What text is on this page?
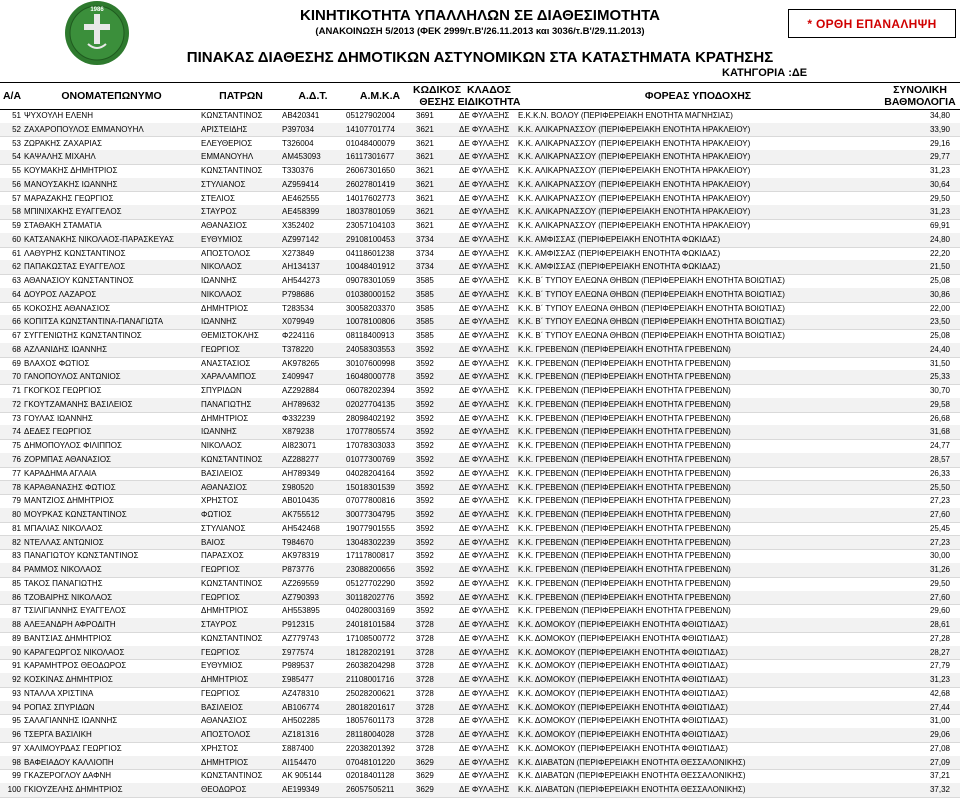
1986	ΚΙΝΗΤΙΚΟΤΗΤΑ ΥΠΑΛΛΗΛΩΝ ΣΕ ΔΙΑΘΕΣΙΜΟΤΗΤΑ
(ΑΝΑΚΟΙΝΩΣΗ 5/2013 (ΦΕΚ 2999/τ.Β'/26.11.2013 και 3036/τ.Β'/29.11.2013)
ΠΙΝΑΚΑΣ ΔΙΑΘΕΣΗΣ ΔΗΜΟΤΙΚΩΝ ΑΣΤΥΝΟΜΙΚΩΝ ΣΤΑ ΚΑΤΑΣΤΗΜΑΤΑ ΚΡΑΤΗΣΗΣ
* ΟΡΘΗ ΕΠΑΝΑΛΗΨΗ
ΚΑΤΗΓΟΡΙΑ :ΔΕ
Α/Α	ΟΝΟΜΑΤΕΠΩΝΥΜΟ	ΠΑΤΡΩΝ	Α.Δ.Τ.	Α.Μ.Κ.Α	ΚΩΔΙΚΟΣ
ΘΕΣΗΣ
ΚΛΑΔΟΣ
ΕΙΔΙΚΟΤΗΤΑ	ΦΟΡΕΑΣ ΥΠΟΔΟΧΗΣ	ΣΥΝΟΛΙΚΗ
ΒΑΘΜΟΛΟΓΙΑ
51 ΨΥΧΟΥΛΗ ΕΛΕΝΗ	ΚΩΝΣΤΑΝΤΙΝΟΣ	ΑΒ420341	05127902004	3691	ΔΕ ΦΥΛΑΞΗΣ	Ε.Κ.Κ.Ν. ΒΟΛΟΥ (ΠΕΡΙΦΕΡΕΙΑΚΗ ΕΝΟΤΗΤΑ ΜΑΓΝΗΣΙΑΣ)	34,80
52 ΖΑΧΑΡΟΠΟΥΛΟΣ ΕΜΜΑΝΟΥΗΛ	ΑΡΙΣΤΕΙΔΗΣ	Ρ397034	14107701774	3621	ΔΕ ΦΥΛΑΞΗΣ	Κ.Κ. ΑΛΙΚΑΡΝΑΣΣΟΥ (ΠΕΡΙΦΕΡΕΙΑΚΗ ΕΝΟΤΗΤΑ ΗΡΑΚΛΕΙΟΥ)	33,90
53 ΖΩΡΑΚΗΣ ΖΑΧΑΡΙΑΣ	ΕΛΕΥΘΕΡΙΟΣ	Τ326004	01048400079	3621	ΔΕ ΦΥΛΑΞΗΣ	Κ.Κ. ΑΛΙΚΑΡΝΑΣΣΟΥ (ΠΕΡΙΦΕΡΕΙΑΚΗ ΕΝΟΤΗΤΑ ΗΡΑΚΛΕΙΟΥ)	29,16
54 ΚΑΨΑΛΗΣ ΜΙΧΑΗΛ	ΕΜΜΑΝΟΥΗΛ	ΑΜ453093	16117301677	3621	ΔΕ ΦΥΛΑΞΗΣ	Κ.Κ. ΑΛΙΚΑΡΝΑΣΣΟΥ (ΠΕΡΙΦΕΡΕΙΑΚΗ ΕΝΟΤΗΤΑ ΗΡΑΚΛΕΙΟΥ)	29,77
55 ΚΟΥΜΑΚΗΣ ΔΗΜΗΤΡΙΟΣ	ΚΩΝΣΤΑΝΤΙΝΟΣ	Τ330376	26067301650	3621	ΔΕ ΦΥΛΑΞΗΣ	Κ.Κ. ΑΛΙΚΑΡΝΑΣΣΟΥ (ΠΕΡΙΦΕΡΕΙΑΚΗ ΕΝΟΤΗΤΑ ΗΡΑΚΛΕΙΟΥ)	31,23
56 ΜΑΝΟΥΣΑΚΗΣ ΙΩΑΝΝΗΣ	ΣΤΥΛΙΑΝΟΣ	ΑΖ959414	26027801419	3621	ΔΕ ΦΥΛΑΞΗΣ	Κ.Κ. ΑΛΙΚΑΡΝΑΣΣΟΥ (ΠΕΡΙΦΕΡΕΙΑΚΗ ΕΝΟΤΗΤΑ ΗΡΑΚΛΕΙΟΥ)	30,64
57 ΜΑΡΑΖΑΚΗΣ ΓΕΩΡΓΙΟΣ	ΣΤΕΛΙΟΣ	ΑΕ462555	14017602773	3621	ΔΕ ΦΥΛΑΞΗΣ	Κ.Κ. ΑΛΙΚΑΡΝΑΣΣΟΥ (ΠΕΡΙΦΕΡΕΙΑΚΗ ΕΝΟΤΗΤΑ ΗΡΑΚΛΕΙΟΥ)	29,50
58 ΜΠΙΝΙΧΑΚΗΣ ΕΥΑΓΓΕΛΟΣ	ΣΤΑΥΡΟΣ	ΑΕ458399	18037801059	3621	ΔΕ ΦΥΛΑΞΗΣ	Κ.Κ. ΑΛΙΚΑΡΝΑΣΣΟΥ (ΠΕΡΙΦΕΡΕΙΑΚΗ ΕΝΟΤΗΤΑ ΗΡΑΚΛΕΙΟΥ)	31,23
59 ΣΤΑΘΑΚΗ ΣΤΑΜΑΤΙΑ	ΑΘΑΝΑΣΙΟΣ	Χ352402	23057104103	3621	ΔΕ ΦΥΛΑΞΗΣ	Κ.Κ. ΑΛΙΚΑΡΝΑΣΣΟΥ (ΠΕΡΙΦΕΡΕΙΑΚΗ ΕΝΟΤΗΤΑ ΗΡΑΚΛΕΙΟΥ)	69,91
60 ΚΑΤΣΑΝΑΚΗΣ ΝΙΚΟΛΑΟΣ-ΠΑΡΑΣΚΕΥΑΣ	ΕΥΘΥΜΙΟΣ	ΑΖ997142	29108100453	3734	ΔΕ ΦΥΛΑΞΗΣ	Κ.Κ. ΑΜΦΙΣΣΑΣ (ΠΕΡΙΦΕΡΕΙΑΚΗ ΕΝΟΤΗΤΑ ΦΩΚΙΔΑΣ)	24,80
61 ΛΑΘΥΡΗΣ ΚΩΝΣΤΑΝΤΙΝΟΣ	ΑΠΟΣΤΟΛΟΣ	Χ273849	04118601238	3734	ΔΕ ΦΥΛΑΞΗΣ	Κ.Κ. ΑΜΦΙΣΣΑΣ (ΠΕΡΙΦΕΡΕΙΑΚΗ ΕΝΟΤΗΤΑ ΦΩΚΙΔΑΣ)	22,20
62 ΠΑΠΑΚΩΣΤΑΣ ΕΥΑΓΓΕΛΟΣ	ΝΙΚΟΛΑΟΣ	ΑΗ134137	10048401912	3734	ΔΕ ΦΥΛΑΞΗΣ	Κ.Κ. ΑΜΦΙΣΣΑΣ (ΠΕΡΙΦΕΡΕΙΑΚΗ ΕΝΟΤΗΤΑ ΦΩΚΙΔΑΣ)	21,50
63 ΑΘΑΝΑΣΙΟΥ ΚΩΝΣΤΑΝΤΙΝΟΣ	ΙΩΑΝΝΗΣ	ΑΗ544273	09078301059	3585	ΔΕ ΦΥΛΑΞΗΣ	Κ.Κ. Β΄ ΤΥΠΟΥ ΕΛΕΩΝΑ ΘΗΒΩΝ (ΠΕΡΙΦΕΡΕΙΑΚΗ ΕΝΟΤΗΤΑ ΒΟΙΩΤΙΑΣ)	25,08
64 ΔΟΥΡΟΣ ΛΑΖΑΡΟΣ	ΝΙΚΟΛΑΟΣ	Ρ798686	01038000152	3585	ΔΕ ΦΥΛΑΞΗΣ	Κ.Κ. Β΄ ΤΥΠΟΥ ΕΛΕΩΝΑ ΘΗΒΩΝ (ΠΕΡΙΦΕΡΕΙΑΚΗ ΕΝΟΤΗΤΑ ΒΟΙΩΤΙΑΣ)	30,86
65 ΚΟΚΟΣΗΣ ΑΘΑΝΑΣΙΟΣ	ΔΗΜΗΤΡΙΟΣ	Τ283534	30058203370	3585	ΔΕ ΦΥΛΑΞΗΣ	Κ.Κ. Β΄ ΤΥΠΟΥ ΕΛΕΩΝΑ ΘΗΒΩΝ (ΠΕΡΙΦΕΡΕΙΑΚΗ ΕΝΟΤΗΤΑ ΒΟΙΩΤΙΑΣ)	22,00
66 ΚΟΠΙΤΣΑ ΚΩΝΣΤΑΝΤΙΝΑ-ΠΑΝΑΓΙΩΤΑ	ΙΩΑΝΝΗΣ	Χ079949	10078100806	3585	ΔΕ ΦΥΛΑΞΗΣ	Κ.Κ. Β΄ ΤΥΠΟΥ ΕΛΕΩΝΑ ΘΗΒΩΝ (ΠΕΡΙΦΕΡΕΙΑΚΗ ΕΝΟΤΗΤΑ ΒΟΙΩΤΙΑΣ)	23,50
67 ΣΥΓΓΕΝΙΩΤΗΣ ΚΩΝΣΤΑΝΤΙΝΟΣ	ΘΕΜΙΣΤΟΚΛΗΣ	Φ224116	08118400913	3585	ΔΕ ΦΥΛΑΞΗΣ	Κ.Κ. Β΄ ΤΥΠΟΥ ΕΛΕΩΝΑ ΘΗΒΩΝ (ΠΕΡΙΦΕΡΕΙΑΚΗ ΕΝΟΤΗΤΑ ΒΟΙΩΤΙΑΣ)	25,08
68 ΑΖΛΑΝΙΔΗΣ ΙΩΑΝΝΗΣ	ΓΕΩΡΓΙΟΣ	Τ378220	24058303553	3592	ΔΕ ΦΥΛΑΞΗΣ	Κ.Κ. ΓΡΕΒΕΝΩΝ (ΠΕΡΙΦΕΡΕΙΑΚΗ ΕΝΟΤΗΤΑ ΓΡΕΒΕΝΩΝ)	24,40
69 ΒΛΑΧΟΣ ΦΩΤΙΟΣ	ΑΝΑΣΤΑΣΙΟΣ	ΑΚ978265	30107600998	3592	ΔΕ ΦΥΛΑΞΗΣ	Κ.Κ. ΓΡΕΒΕΝΩΝ (ΠΕΡΙΦΕΡΕΙΑΚΗ ΕΝΟΤΗΤΑ ΓΡΕΒΕΝΩΝ)	31,50
70 ΓΑΝΟΠΟΥΛΟΣ ΑΝΤΩΝΙΟΣ	ΧΑΡΑΛΑΜΠΟΣ	Σ409947	16048000778	3592	ΔΕ ΦΥΛΑΞΗΣ	Κ.Κ. ΓΡΕΒΕΝΩΝ (ΠΕΡΙΦΕΡΕΙΑΚΗ ΕΝΟΤΗΤΑ ΓΡΕΒΕΝΩΝ)	25,33
71 ΓΚΟΓΚΟΣ ΓΕΩΡΓΙΟΣ	ΣΠΥΡΙΔΩΝ	ΑΖ292884	06078202394	3592	ΔΕ ΦΥΛΑΞΗΣ	Κ.Κ. ΓΡΕΒΕΝΩΝ (ΠΕΡΙΦΕΡΕΙΑΚΗ ΕΝΟΤΗΤΑ ΓΡΕΒΕΝΩΝ)	30,70
72 ΓΚΟΥΤΖΑΜΑΝΗΣ ΒΑΣΙΛΕΙΟΣ	ΠΑΝΑΓΙΩΤΗΣ	ΑΗ789632	02027704135	3592	ΔΕ ΦΥΛΑΞΗΣ	Κ.Κ. ΓΡΕΒΕΝΩΝ (ΠΕΡΙΦΕΡΕΙΑΚΗ ΕΝΟΤΗΤΑ ΓΡΕΒΕΝΩΝ)	29,58
73 ΓΟΥΛΑΣ ΙΩΑΝΝΗΣ	ΔΗΜΗΤΡΙΟΣ	Φ332239	28098402192	3592	ΔΕ ΦΥΛΑΞΗΣ	Κ.Κ. ΓΡΕΒΕΝΩΝ (ΠΕΡΙΦΕΡΕΙΑΚΗ ΕΝΟΤΗΤΑ ΓΡΕΒΕΝΩΝ)	26,68
74 ΔΕΔΕΣ ΓΕΩΡΓΙΟΣ	ΙΩΑΝΝΗΣ	Χ879238	17077805574	3592	ΔΕ ΦΥΛΑΞΗΣ	Κ.Κ. ΓΡΕΒΕΝΩΝ (ΠΕΡΙΦΕΡΕΙΑΚΗ ΕΝΟΤΗΤΑ ΓΡΕΒΕΝΩΝ)	31,68
75 ΔΗΜΟΠΟΥΛΟΣ ΦΙΛΙΠΠΟΣ	ΝΙΚΟΛΑΟΣ	ΑΙ823071	17078303033	3592	ΔΕ ΦΥΛΑΞΗΣ	Κ.Κ. ΓΡΕΒΕΝΩΝ (ΠΕΡΙΦΕΡΕΙΑΚΗ ΕΝΟΤΗΤΑ ΓΡΕΒΕΝΩΝ)	24,77
76 ΖΟΡΜΠΑΣ ΑΘΑΝΑΣΙΟΣ	ΚΩΝΣΤΑΝΤΙΝΟΣ	ΑΖ288277	01077300769	3592	ΔΕ ΦΥΛΑΞΗΣ	Κ.Κ. ΓΡΕΒΕΝΩΝ (ΠΕΡΙΦΕΡΕΙΑΚΗ ΕΝΟΤΗΤΑ ΓΡΕΒΕΝΩΝ)	28,57
77 ΚΑΡΑΔΗΜΑ ΑΓΛΑΙΑ	ΒΑΣΙΛΕΙΟΣ	ΑΗ789349	04028204164	3592	ΔΕ ΦΥΛΑΞΗΣ	Κ.Κ. ΓΡΕΒΕΝΩΝ (ΠΕΡΙΦΕΡΕΙΑΚΗ ΕΝΟΤΗΤΑ ΓΡΕΒΕΝΩΝ)	26,33
78 ΚΑΡΑΘΑΝΑΣΗΣ ΦΩΤΙΟΣ	ΑΘΑΝΑΣΙΟΣ	Σ980520	15018301539	3592	ΔΕ ΦΥΛΑΞΗΣ	Κ.Κ. ΓΡΕΒΕΝΩΝ (ΠΕΡΙΦΕΡΕΙΑΚΗ ΕΝΟΤΗΤΑ ΓΡΕΒΕΝΩΝ)	25,50
79 ΜΑΝΤΖΙΟΣ ΔΗΜΗΤΡΙΟΣ	ΧΡΗΣΤΟΣ	ΑΒ010435	07077800816	3592	ΔΕ ΦΥΛΑΞΗΣ	Κ.Κ. ΓΡΕΒΕΝΩΝ (ΠΕΡΙΦΕΡΕΙΑΚΗ ΕΝΟΤΗΤΑ ΓΡΕΒΕΝΩΝ)	27,23
80 ΜΟΥΡΚΑΣ ΚΩΝΣΤΑΝΤΙΝΟΣ	ΦΩΤΙΟΣ	ΑΚ755512	30077304795	3592	ΔΕ ΦΥΛΑΞΗΣ	Κ.Κ. ΓΡΕΒΕΝΩΝ (ΠΕΡΙΦΕΡΕΙΑΚΗ ΕΝΟΤΗΤΑ ΓΡΕΒΕΝΩΝ)	27,60
81 ΜΠΑΛΙΑΣ ΝΙΚΟΛΑΟΣ	ΣΤΥΛΙΑΝΟΣ	ΑΗ542468	19077901555	3592	ΔΕ ΦΥΛΑΞΗΣ	Κ.Κ. ΓΡΕΒΕΝΩΝ (ΠΕΡΙΦΕΡΕΙΑΚΗ ΕΝΟΤΗΤΑ ΓΡΕΒΕΝΩΝ)	25,45
82 ΝΤΕΛΛΑΣ ΑΝΤΩΝΙΟΣ	ΒΑΙΟΣ	Τ984670	13048302239	3592	ΔΕ ΦΥΛΑΞΗΣ	Κ.Κ. ΓΡΕΒΕΝΩΝ (ΠΕΡΙΦΕΡΕΙΑΚΗ ΕΝΟΤΗΤΑ ΓΡΕΒΕΝΩΝ)	27,23
83 ΠΑΝΑΓΙΩΤΟΥ ΚΩΝΣΤΑΝΤΙΝΟΣ	ΠΑΡΑΣΧΟΣ	ΑΚ978319	17117800817	3592	ΔΕ ΦΥΛΑΞΗΣ	Κ.Κ. ΓΡΕΒΕΝΩΝ (ΠΕΡΙΦΕΡΕΙΑΚΗ ΕΝΟΤΗΤΑ ΓΡΕΒΕΝΩΝ)	30,00
84 ΡΑΜΜΟΣ ΝΙΚΟΛΑΟΣ	ΓΕΩΡΓΙΟΣ	Ρ873776	23088200656	3592	ΔΕ ΦΥΛΑΞΗΣ	Κ.Κ. ΓΡΕΒΕΝΩΝ (ΠΕΡΙΦΕΡΕΙΑΚΗ ΕΝΟΤΗΤΑ ΓΡΕΒΕΝΩΝ)	31,26
85 ΤΑΚΟΣ ΠΑΝΑΓΙΩΤΗΣ	ΚΩΝΣΤΑΝΤΙΝΟΣ	ΑΖ269559	05127702290	3592	ΔΕ ΦΥΛΑΞΗΣ	Κ.Κ. ΓΡΕΒΕΝΩΝ (ΠΕΡΙΦΕΡΕΙΑΚΗ ΕΝΟΤΗΤΑ ΓΡΕΒΕΝΩΝ)	29,50
86 ΤΖΟΒΑΙΡΗΣ ΝΙΚΟΛΑΟΣ	ΓΕΩΡΓΙΟΣ	ΑΖ790393	30118202776	3592	ΔΕ ΦΥΛΑΞΗΣ	Κ.Κ. ΓΡΕΒΕΝΩΝ (ΠΕΡΙΦΕΡΕΙΑΚΗ ΕΝΟΤΗΤΑ ΓΡΕΒΕΝΩΝ)	27,60
87 ΤΣΙΛΙΓΙΑΝΝΗΣ ΕΥΑΓΓΕΛΟΣ	ΔΗΜΗΤΡΙΟΣ	ΑΗ553895	04028003169	3592	ΔΕ ΦΥΛΑΞΗΣ	Κ.Κ. ΓΡΕΒΕΝΩΝ (ΠΕΡΙΦΕΡΕΙΑΚΗ ΕΝΟΤΗΤΑ ΓΡΕΒΕΝΩΝ)	29,60
88 ΑΛΕΞΑΝΔΡΗ ΑΦΡΟΔΙΤΗ	ΣΤΑΥΡΟΣ	Ρ912315	24018101584	3728	ΔΕ ΦΥΛΑΞΗΣ	Κ.Κ. ΔΟΜΟΚΟΥ (ΠΕΡΙΦΕΡΕΙΑΚΗ ΕΝΟΤΗΤΑ ΦΘΙΩΤΙΔΑΣ)	28,61
89 ΒΑΝΤΣΙΑΣ ΔΗΜΗΤΡΙΟΣ	ΚΩΝΣΤΑΝΤΙΝΟΣ	ΑΖ779743	17108500772	3728	ΔΕ ΦΥΛΑΞΗΣ	Κ.Κ. ΔΟΜΟΚΟΥ (ΠΕΡΙΦΕΡΕΙΑΚΗ ΕΝΟΤΗΤΑ ΦΘΙΩΤΙΔΑΣ)	27,28
90 ΚΑΡΑΓΕΩΡΓΟΣ ΝΙΚΟΛΑΟΣ	ΓΕΩΡΓΙΟΣ	Σ977574	18128202191	3728	ΔΕ ΦΥΛΑΞΗΣ	Κ.Κ. ΔΟΜΟΚΟΥ (ΠΕΡΙΦΕΡΕΙΑΚΗ ΕΝΟΤΗΤΑ ΦΘΙΩΤΙΔΑΣ)	28,27
91 ΚΑΡΑΜΗΤΡΟΣ ΘΕΟΔΩΡΟΣ	ΕΥΘΥΜΙΟΣ	Ρ989537	26038204298	3728	ΔΕ ΦΥΛΑΞΗΣ	Κ.Κ. ΔΟΜΟΚΟΥ (ΠΕΡΙΦΕΡΕΙΑΚΗ ΕΝΟΤΗΤΑ ΦΘΙΩΤΙΔΑΣ)	27,79
92 ΚΟΣΚΙΝΑΣ ΔΗΜΗΤΡΙΟΣ	ΔΗΜΗΤΡΙΟΣ	Σ985477	21108001716	3728	ΔΕ ΦΥΛΑΞΗΣ	Κ.Κ. ΔΟΜΟΚΟΥ (ΠΕΡΙΦΕΡΕΙΑΚΗ ΕΝΟΤΗΤΑ ΦΘΙΩΤΙΔΑΣ)	31,23
93 ΝΤΑΛΛΑ ΧΡΙΣΤΙΝΑ	ΓΕΩΡΓΙΟΣ	ΑΖ478310	25028200621	3728	ΔΕ ΦΥΛΑΞΗΣ	Κ.Κ. ΔΟΜΟΚΟΥ (ΠΕΡΙΦΕΡΕΙΑΚΗ ΕΝΟΤΗΤΑ ΦΘΙΩΤΙΔΑΣ)	42,68
94 ΡΟΠΑΣ ΣΠΥΡΙΔΩΝ	ΒΑΣΙΛΕΙΟΣ	ΑΒ106774	28018201617	3728	ΔΕ ΦΥΛΑΞΗΣ	Κ.Κ. ΔΟΜΟΚΟΥ (ΠΕΡΙΦΕΡΕΙΑΚΗ ΕΝΟΤΗΤΑ ΦΘΙΩΤΙΔΑΣ)	27,44
95 ΣΑΛΑΓΙΑΝΝΗΣ ΙΩΑΝΝΗΣ	ΑΘΑΝΑΣΙΟΣ	ΑΗ502285	18057601173	3728	ΔΕ ΦΥΛΑΞΗΣ	Κ.Κ. ΔΟΜΟΚΟΥ (ΠΕΡΙΦΕΡΕΙΑΚΗ ΕΝΟΤΗΤΑ ΦΘΙΩΤΙΔΑΣ)	31,00
96 ΤΣΕΡΓΑ ΒΑΣΙΛΙΚΗ	ΑΠΟΣΤΟΛΟΣ	ΑΖ181316	28118004028	3728	ΔΕ ΦΥΛΑΞΗΣ	Κ.Κ. ΔΟΜΟΚΟΥ (ΠΕΡΙΦΕΡΕΙΑΚΗ ΕΝΟΤΗΤΑ ΦΘΙΩΤΙΔΑΣ)	29,06
97 ΧΑΛΙΜΟΥΡΔΑΣ ΓΕΩΡΓΙΟΣ	ΧΡΗΣΤΟΣ	Σ887400	22038201392	3728	ΔΕ ΦΥΛΑΞΗΣ	Κ.Κ. ΔΟΜΟΚΟΥ (ΠΕΡΙΦΕΡΕΙΑΚΗ ΕΝΟΤΗΤΑ ΦΘΙΩΤΙΔΑΣ)	27,08
98 ΒΑΦΕΙΑΔΟΥ ΚΑΛΛΙΟΠΗ	ΔΗΜΗΤΡΙΟΣ	ΑΙ154470	07048101220	3629	ΔΕ ΦΥΛΑΞΗΣ	Κ.Κ. ΔΙΑΒΑΤΩΝ (ΠΕΡΙΦΕΡΕΙΑΚΗ ΕΝΟΤΗΤΑ ΘΕΣΣΑΛΟΝΙΚΗΣ)	27,09
99 ΓΚΑΖΕΡΟΓΛΟΥ ΔΑΦΝΗ	ΚΩΝΣΤΑΝΤΙΝΟΣ	ΑΚ 905144	02018401128	3629	ΔΕ ΦΥΛΑΞΗΣ	Κ.Κ. ΔΙΑΒΑΤΩΝ (ΠΕΡΙΦΕΡΕΙΑΚΗ ΕΝΟΤΗΤΑ ΘΕΣΣΑΛΟΝΙΚΗΣ)	37,21
100 ΓΚΙΟΥΖΕΛΗΣ ΔΗΜΗΤΡΙΟΣ	ΘΕΟΔΩΡΟΣ	ΑΕ199349	26057505211	3629	ΔΕ ΦΥΛΑΞΗΣ	Κ.Κ. ΔΙΑΒΑΤΩΝ (ΠΕΡΙΦΕΡΕΙΑΚΗ ΕΝΟΤΗΤΑ ΘΕΣΣΑΛΟΝΙΚΗΣ)	37,32
